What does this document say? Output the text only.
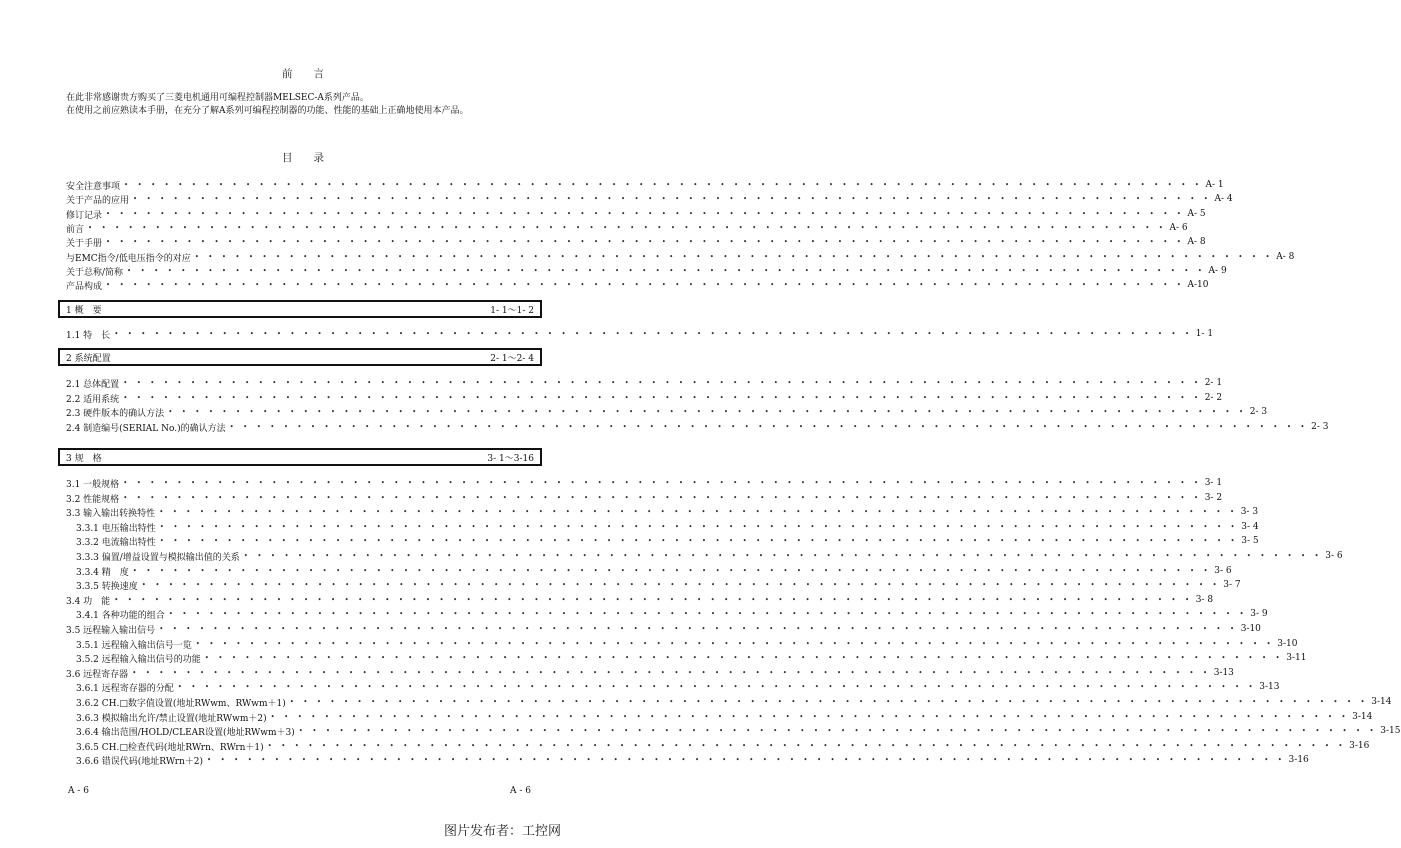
前　　言
在此非常感谢贵方购买了三菱电机通用可编程控制器MELSEC-A系列产品。
在使用之前应熟读本手册，在充分了解A系列可编程控制器的功能、性能的基础上正确地使用本产品。
目　　录
安全注意事项 • • • • • • • • • • • • • • • • • • • • • • • • • • • • • • • • • • • • • • • • • • • • • • • • • • • • • • • • • • • • • • • • • • • • • • • • • • • • • • • • A- 1
关于产品的应用 • • • • • • • • • • • • • • • • • • • • • • • • • • • • • • • • • • • • • • • • • • • • • • • • • • • • • • • • • • • • • • • • • • • • • • • • • • • • • • • • A- 4
修订记录 • • • • • • • • • • • • • • • • • • • • • • • • • • • • • • • • • • • • • • • • • • • • • • • • • • • • • • • • • • • • • • • • • • • • • • • • • • • • • • • • A- 5
前言 • • • • • • • • • • • • • • • • • • • • • • • • • • • • • • • • • • • • • • • • • • • • • • • • • • • • • • • • • • • • • • • • • • • • • • • • • • • • • • • • A- 6
关于手册 • • • • • • • • • • • • • • • • • • • • • • • • • • • • • • • • • • • • • • • • • • • • • • • • • • • • • • • • • • • • • • • • • • • • • • • • • • • • • • • • A- 8
与EMC指令/低电压指令的对应 • • • • • • • • • • • • • • • • • • • • • • • • • • • • • • • • • • • • • • • • • • • • • • • • • • • • • • • • • • • • • • • • • • • • • • • • • • • • • • • • A- 8
关于总称/简称 • • • • • • • • • • • • • • • • • • • • • • • • • • • • • • • • • • • • • • • • • • • • • • • • • • • • • • • • • • • • • • • • • • • • • • • • • • • • • • • • A- 9
产品构成 • • • • • • • • • • • • • • • • • • • • • • • • • • • • • • • • • • • • • • • • • • • • • • • • • • • • • • • • • • • • • • • • • • • • • • • • • • • • • • • • A-10
1 概　要	1- 1～1- 2
1.1 特　长 • • • • • • • • • • • • • • • • • • • • • • • • • • • • • • • • • • • • • • • • • • • • • • • • • • • • • • • • • • • • • • • • • • • • • • • • • • • • • • • • 1- 1
2 系统配置	2- 1～2- 4
2.1 总体配置 • • • • • • • • • • • • • • • • • • • • • • • • • • • • • • • • • • • • • • • • • • • • • • • • • • • • • • • • • • • • • • • • • • • • • • • • • • • • • • • • 2- 1
2.2 适用系统 • • • • • • • • • • • • • • • • • • • • • • • • • • • • • • • • • • • • • • • • • • • • • • • • • • • • • • • • • • • • • • • • • • • • • • • • • • • • • • • • 2- 2
2.3 硬件版本的确认方法 • • • • • • • • • • • • • • • • • • • • • • • • • • • • • • • • • • • • • • • • • • • • • • • • • • • • • • • • • • • • • • • • • • • • • • • • • • • • • • • • 2- 3
2.4 制造编号(SERIAL No.)的确认方法 • • • • • • • • • • • • • • • • • • • • • • • • • • • • • • • • • • • • • • • • • • • • • • • • • • • • • • • • • • • • • • • • • • • • • • • • • • • • • • • • 2- 3
3 规　格	3- 1～3-16
3.1 一般规格 • • • • • • • • • • • • • • • • • • • • • • • • • • • • • • • • • • • • • • • • • • • • • • • • • • • • • • • • • • • • • • • • • • • • • • • • • • • • • • • • 3- 1
3.2 性能规格 • • • • • • • • • • • • • • • • • • • • • • • • • • • • • • • • • • • • • • • • • • • • • • • • • • • • • • • • • • • • • • • • • • • • • • • • • • • • • • • • 3- 2
3.3 输入输出转换特性 • • • • • • • • • • • • • • • • • • • • • • • • • • • • • • • • • • • • • • • • • • • • • • • • • • • • • • • • • • • • • • • • • • • • • • • • • • • • • • • • 3- 3
3.3.1 电压输出特性 • • • • • • • • • • • • • • • • • • • • • • • • • • • • • • • • • • • • • • • • • • • • • • • • • • • • • • • • • • • • • • • • • • • • • • • • • • • • • • • • 3- 4
3.3.2 电流输出特性 • • • • • • • • • • • • • • • • • • • • • • • • • • • • • • • • • • • • • • • • • • • • • • • • • • • • • • • • • • • • • • • • • • • • • • • • • • • • • • • • 3- 5
3.3.3 偏置/增益设置与模拟输出值的关系 • • • • • • • • • • • • • • • • • • • • • • • • • • • • • • • • • • • • • • • • • • • • • • • • • • • • • • • • • • • • • • • • • • • • • • • • • • • • • • • • 3- 6
3.3.4 精　度 • • • • • • • • • • • • • • • • • • • • • • • • • • • • • • • • • • • • • • • • • • • • • • • • • • • • • • • • • • • • • • • • • • • • • • • • • • • • • • • • 3- 6
3.3.5 转换速度 • • • • • • • • • • • • • • • • • • • • • • • • • • • • • • • • • • • • • • • • • • • • • • • • • • • • • • • • • • • • • • • • • • • • • • • • • • • • • • • • 3- 7
3.4 功　能 • • • • • • • • • • • • • • • • • • • • • • • • • • • • • • • • • • • • • • • • • • • • • • • • • • • • • • • • • • • • • • • • • • • • • • • • • • • • • • • • 3- 8
3.4.1 各种功能的组合 • • • • • • • • • • • • • • • • • • • • • • • • • • • • • • • • • • • • • • • • • • • • • • • • • • • • • • • • • • • • • • • • • • • • • • • • • • • • • • • • 3- 9
3.5 远程输入输出信号 • • • • • • • • • • • • • • • • • • • • • • • • • • • • • • • • • • • • • • • • • • • • • • • • • • • • • • • • • • • • • • • • • • • • • • • • • • • • • • • • 3-10
3.5.1 远程输入输出信号一览 • • • • • • • • • • • • • • • • • • • • • • • • • • • • • • • • • • • • • • • • • • • • • • • • • • • • • • • • • • • • • • • • • • • • • • • • • • • • • • • • 3-10
3.5.2 远程输入输出信号的功能 • • • • • • • • • • • • • • • • • • • • • • • • • • • • • • • • • • • • • • • • • • • • • • • • • • • • • • • • • • • • • • • • • • • • • • • • • • • • • • • • 3-11
3.6 远程寄存器 • • • • • • • • • • • • • • • • • • • • • • • • • • • • • • • • • • • • • • • • • • • • • • • • • • • • • • • • • • • • • • • • • • • • • • • • • • • • • • • • 3-13
3.6.1 远程寄存器的分配 • • • • • • • • • • • • • • • • • • • • • • • • • • • • • • • • • • • • • • • • • • • • • • • • • • • • • • • • • • • • • • • • • • • • • • • • • • • • • • • • 3-13
3.6.2 CH.□数字值设置(地址RWwm、RWwm＋1) • • • • • • • • • • • • • • • • • • • • • • • • • • • • • • • • • • • • • • • • • • • • • • • • • • • • • • • • • • • • • • • • • • • • • • • • • • • • • • • • 3-14
3.6.3 模拟输出允许/禁止设置(地址RWwm＋2) • • • • • • • • • • • • • • • • • • • • • • • • • • • • • • • • • • • • • • • • • • • • • • • • • • • • • • • • • • • • • • • • • • • • • • • • • • • • • • • • 3-14
3.6.4 输出范围/HOLD/CLEAR设置(地址RWwm＋3) • • • • • • • • • • • • • • • • • • • • • • • • • • • • • • • • • • • • • • • • • • • • • • • • • • • • • • • • • • • • • • • • • • • • • • • • • • • • • • • • 3-15
3.6.5 CH.□检查代码(地址RWrn、RWrn＋1) • • • • • • • • • • • • • • • • • • • • • • • • • • • • • • • • • • • • • • • • • • • • • • • • • • • • • • • • • • • • • • • • • • • • • • • • • • • • • • • • 3-16
3.6.6 错误代码(地址RWrn＋2) • • • • • • • • • • • • • • • • • • • • • • • • • • • • • • • • • • • • • • • • • • • • • • • • • • • • • • • • • • • • • • • • • • • • • • • • • • • • • • • • 3-16
A - 6	A - 6
图片发布者：工控网
